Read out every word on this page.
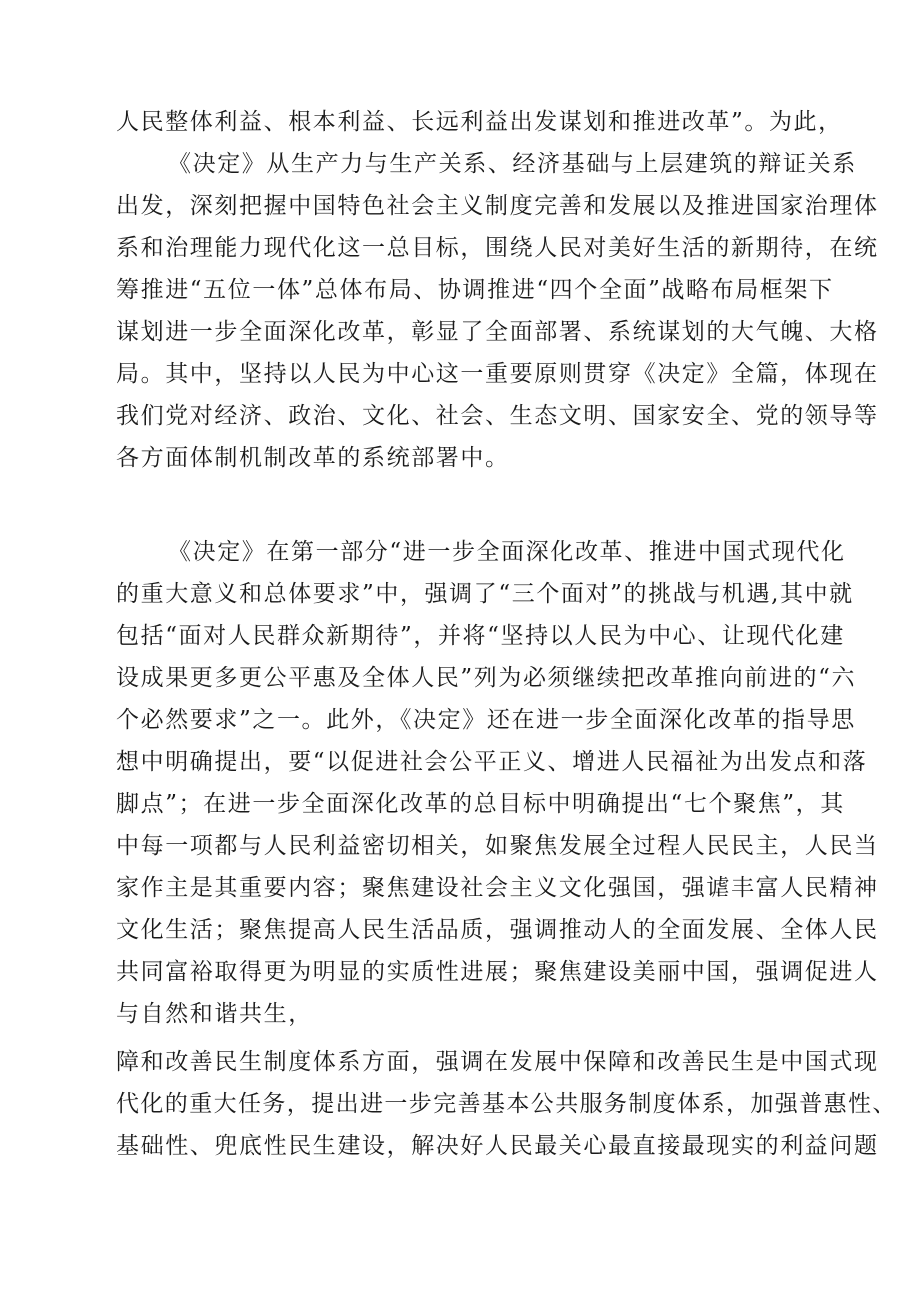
人民整体利益、根本利益、长远利益出发谋划和推进改革”。为此，
《决定》从生产力与生产关系、经济基础与上层建筑的辩证关系
出发，深刻把握中国特色社会主义制度完善和发展以及推进国家治理体
系和治理能力现代化这一总目标，围绕人民对美好生活的新期待，在统
筹推进“五位一体”总体布局、协调推进“四个全面”战略布局框架下
谋划进一步全面深化改革，彰显了全面部署、系统谋划的大气魄、大格
局。其中，坚持以人民为中心这一重要原则贯穿《决定》全篇，体现在
我们党对经济、政治、文化、社会、生态文明、国家安全、党的领导等
各方面体制机制改革的系统部署中。
《决定》在第一部分“进一步全面深化改革、推进中国式现代化
的重大意义和总体要求”中，强调了“三个面对”的挑战与机遇,其中就
包括“面对人民群众新期待”，并将“坚持以人民为中心、让现代化建
设成果更多更公平惠及全体人民”列为必须继续把改革推向前进的“六
个必然要求”之一。此外，《决定》还在进一步全面深化改革的指导思
想中明确提出，要“以促进社会公平正义、增进人民福祉为出发点和落
脚点”；在进一步全面深化改革的总目标中明确提出“七个聚焦”，其
中每一项都与人民利益密切相关，如聚焦发展全过程人民民主，人民当
家作主是其重要内容；聚焦建设社会主义文化强国，强谑丰富人民精神
文化生活；聚焦提高人民生活品质，强调推动人的全面发展、全体人民
共同富裕取得更为明显的实质性进展；聚焦建设美丽中国，强调促进人
与自然和谐共生，
障和改善民生制度体系方面，强调在发展中保障和改善民生是中国式现
代化的重大任务，提出进一步完善基本公共服务制度体系，加强普惠性、
基础性、兜底性民生建设，解决好人民最关心最直接最现实的利益问题
